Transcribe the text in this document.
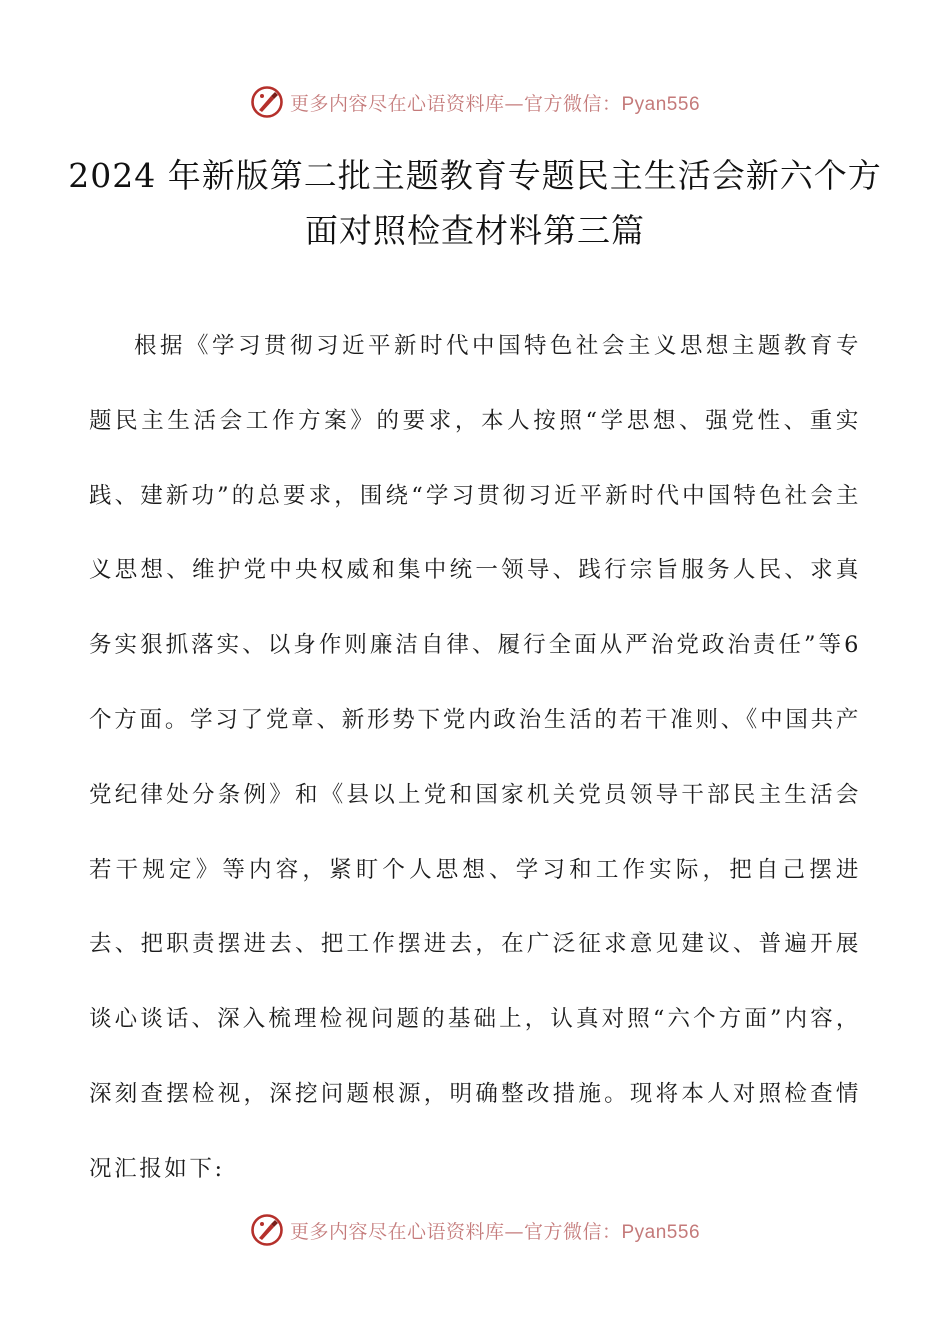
更多内容尽在心语资料库—官方微信：Pyan556
2024 年新版第二批主题教育专题民主生活会新六个方面对照检查材料第三篇

根据《学习贯彻习近平新时代中国特色社会主义思想主题教育专题民主生活会工作方案》的要求，本人按照“学思想、强党性、重实践、建新功”的总要求，围绕“学习贯彻习近平新时代中国特色社会主义思想、维护党中央权威和集中统一领导、践行宗旨服务人民、求真务实狠抓落实、以身作则廉洁自律、履行全面从严治党政治责任”等6个方面。学习了党章、新形势下党内政治生活的若干准则、《中国共产党纪律处分条例》和《县以上党和国家机关党员领导干部民主生活会若干规定》等内容，紧盯个人思想、学习和工作实际，把自己摆进去、把职责摆进去、把工作摆进去，在广泛征求意见建议、普遍开展谈心谈话、深入梳理检视问题的基础上，认真对照“六个方面”内容，深刻查摆检视，深挖问题根源，明确整改措施。现将本人对照检查情况汇报如下:

更多内容尽在心语资料库—官方微信：Pyan556
